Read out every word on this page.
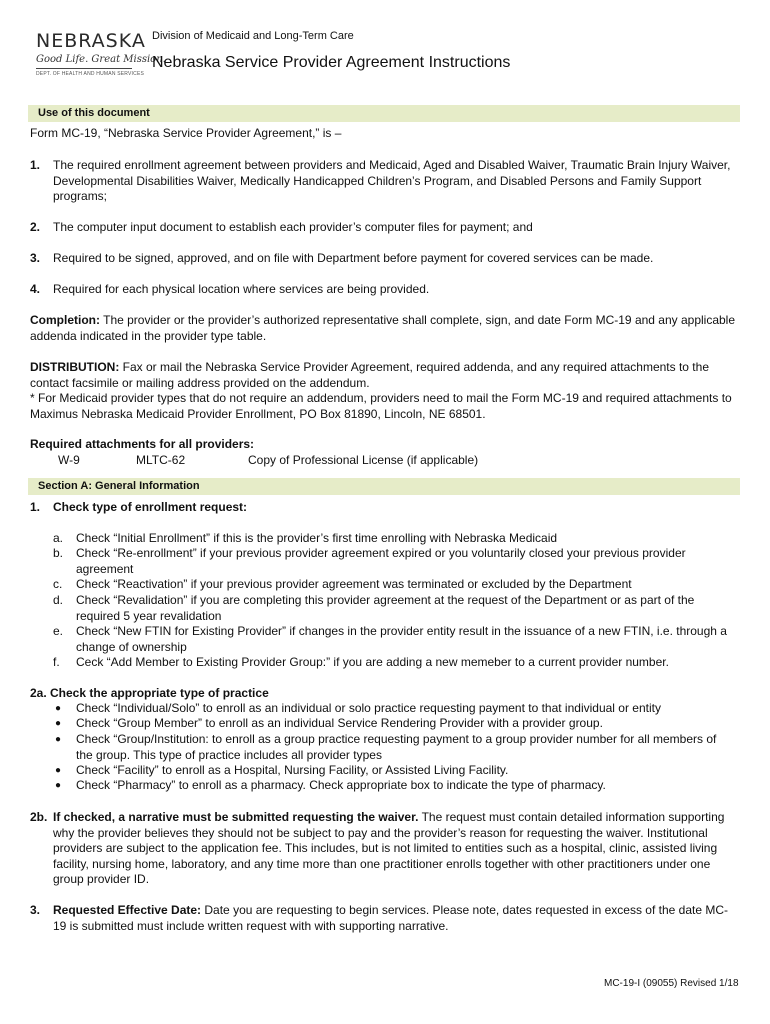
NEBRASKA
Good Life. Great Mission.
DEPT. OF HEALTH AND HUMAN SERVICES
Division of Medicaid and Long-Term Care
Nebraska Service Provider Agreement Instructions
Use of this document
Form MC-19, “Nebraska Service Provider Agreement,” is –
1. The required enrollment agreement between providers and Medicaid, Aged and Disabled Waiver, Traumatic Brain Injury Waiver, Developmental Disabilities Waiver, Medically Handicapped Children’s Program, and Disabled Persons and Family Support programs;
2. The computer input document to establish each provider’s computer files for payment; and
3. Required to be signed, approved, and on file with Department before payment for covered services can be made.
4. Required for each physical location where services are being provided.
Completion: The provider or the provider’s authorized representative shall complete, sign, and date Form MC-19 and any applicable addenda indicated in the provider type table.
DISTRIBUTION: Fax or mail the Nebraska Service Provider Agreement, required addenda, and any required attachments to the contact facsimile or mailing address provided on the addendum.
* For Medicaid provider types that do not require an addendum, providers need to mail the Form MC-19 and required attachments to Maximus Nebraska Medicaid Provider Enrollment, PO Box 81890, Lincoln, NE 68501.
Required attachments for all providers:
W-9	MLTC-62	Copy of Professional License (if applicable)
Section A: General Information
1. Check type of enrollment request:
a. Check “Initial Enrollment” if this is the provider’s first time enrolling with Nebraska Medicaid
b. Check “Re-enrollment” if your previous provider agreement expired or you voluntarily closed your previous provider agreement
c. Check “Reactivation” if your previous provider agreement was terminated or excluded by the Department
d. Check “Revalidation” if you are completing this provider agreement at the request of the Department or as part of the required 5 year revalidation
e. Check “New FTIN for Existing Provider” if changes in the provider entity result in the issuance of a new FTIN, i.e. through a change of ownership
f. Ceck “Add Member to Existing Provider Group:” if you are adding a new memeber to a current provider number.
2a. Check the appropriate type of practice
● Check “Individual/Solo” to enroll as an individual or solo practice requesting payment to that individual or entity
● Check “Group Member” to enroll as an individual Service Rendering Provider with a provider group.
● Check “Group/Institution: to enroll as a group practice requesting payment to a group provider number for all members of the group. This type of practice includes all provider types
● Check “Facility” to enroll as a Hospital, Nursing Facility, or Assisted Living Facility.
● Check “Pharmacy” to enroll as a pharmacy. Check appropriate box to indicate the type of pharmacy.
2b. If checked, a narrative must be submitted requesting the waiver. The request must contain detailed information supporting why the provider believes they should not be subject to pay and the provider’s reason for requesting the waiver. Institutional providers are subject to the application fee. This includes, but is not limited to entities such as a hospital, clinic, assisted living facility, nursing home, laboratory, and any time more than one practitioner enrolls together with other practitioners under one group provider ID.
3. Requested Effective Date: Date you are requesting to begin services. Please note, dates requested in excess of the date MC-19 is submitted must include written request with with supporting narrative.
MC-19-I (09055) Revised 1/18
